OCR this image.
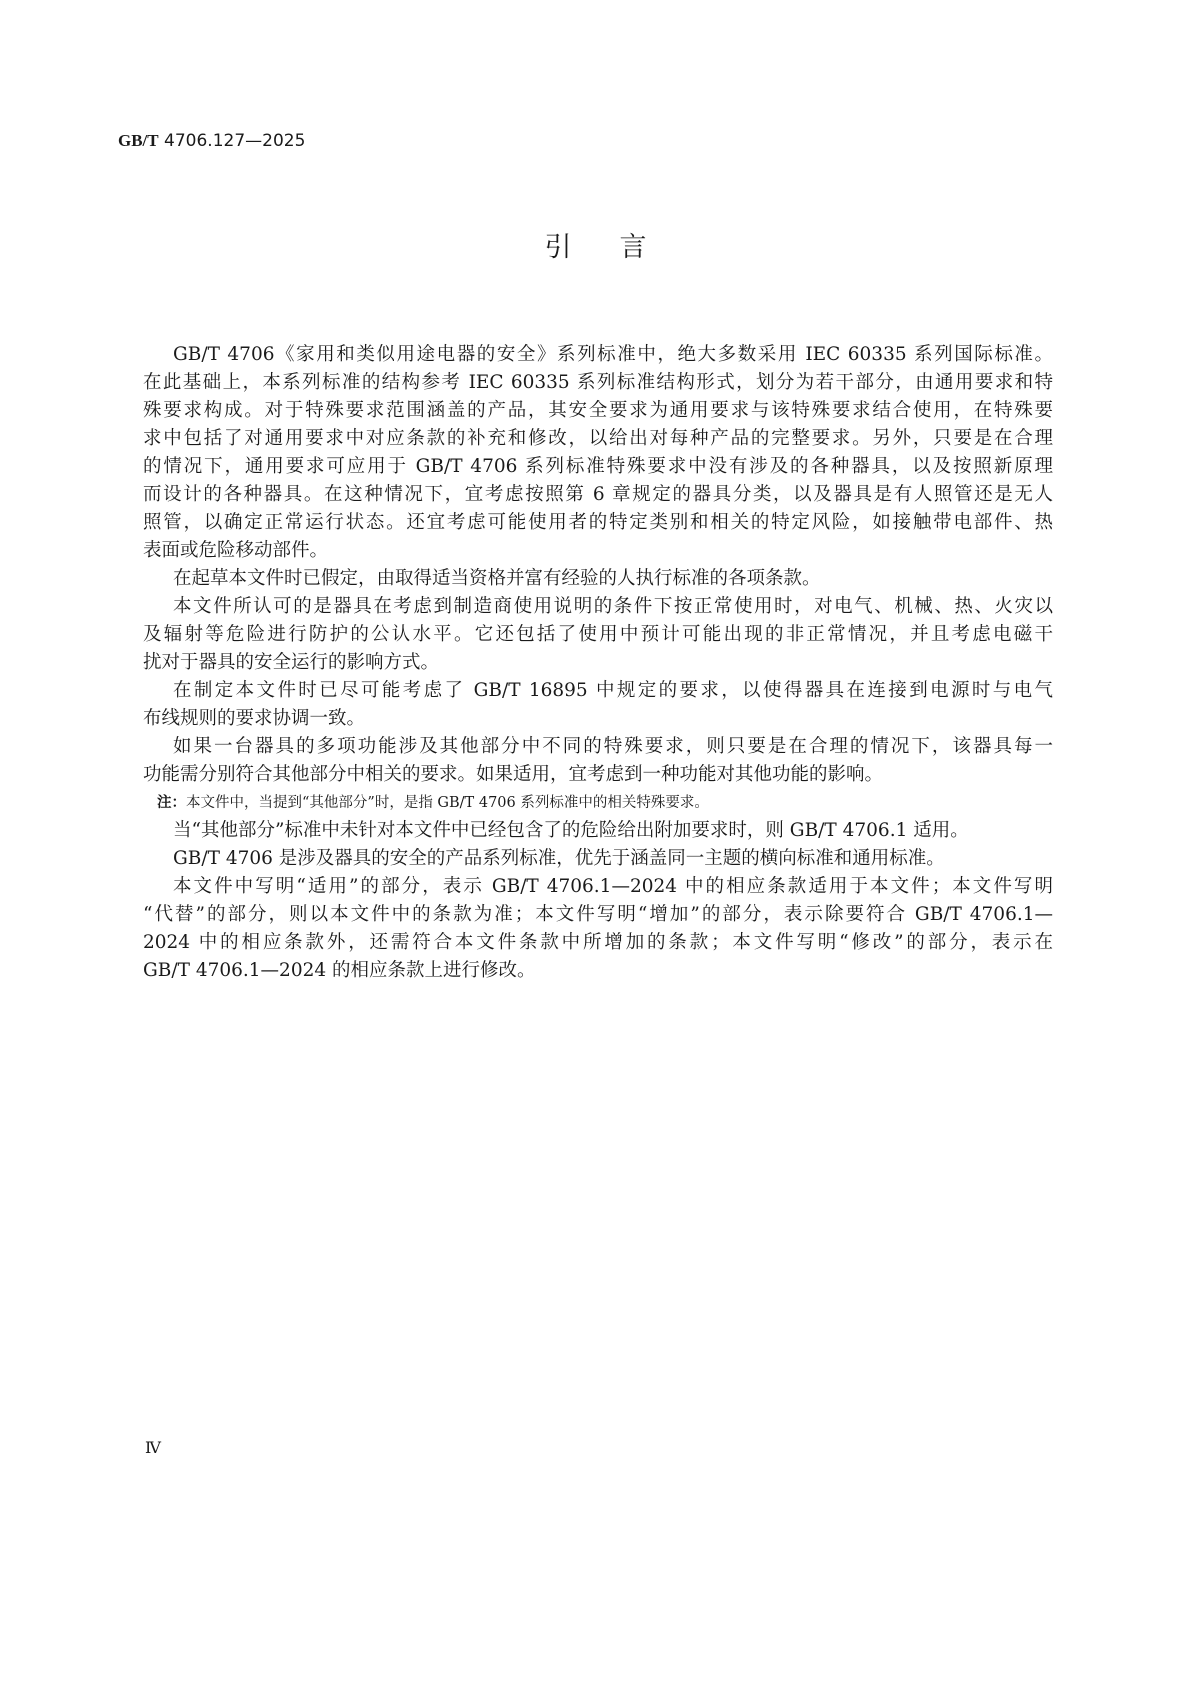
GB/T 4706.127—2025
引言
GB/T 4706《家用和类似用途电器的安全》系列标准中，绝大多数采用 IEC 60335 系列国际标准。
在此基础上，本系列标准的结构参考 IEC 60335 系列标准结构形式，划分为若干部分，由通用要求和特
殊要求构成。对于特殊要求范围涵盖的产品，其安全要求为通用要求与该特殊要求结合使用，在特殊要
求中包括了对通用要求中对应条款的补充和修改，以给出对每种产品的完整要求。另外，只要是在合理
的情况下，通用要求可应用于 GB/T 4706 系列标准特殊要求中没有涉及的各种器具，以及按照新原理
而设计的各种器具。在这种情况下，宜考虑按照第 6 章规定的器具分类，以及器具是有人照管还是无人
照管，以确定正常运行状态。还宜考虑可能使用者的特定类别和相关的特定风险，如接触带电部件、热
表面或危险移动部件。
在起草本文件时已假定，由取得适当资格并富有经验的人执行标准的各项条款。
本文件所认可的是器具在考虑到制造商使用说明的条件下按正常使用时，对电气、机械、热、火灾以
及辐射等危险进行防护的公认水平。它还包括了使用中预计可能出现的非正常情况，并且考虑电磁干
扰对于器具的安全运行的影响方式。
在制定本文件时已尽可能考虑了 GB/T 16895 中规定的要求，以使得器具在连接到电源时与电气
布线规则的要求协调一致。
如果一台器具的多项功能涉及其他部分中不同的特殊要求，则只要是在合理的情况下，该器具每一
功能需分别符合其他部分中相关的要求。如果适用，宜考虑到一种功能对其他功能的影响。
注：本文件中，当提到“其他部分”时，是指 GB/T 4706 系列标准中的相关特殊要求。
当“其他部分”标准中未针对本文件中已经包含了的危险给出附加要求时，则 GB/T 4706.1 适用。
GB/T 4706 是涉及器具的安全的产品系列标准，优先于涵盖同一主题的横向标准和通用标准。
本文件中写明“适用”的部分，表示 GB/T 4706.1—2024 中的相应条款适用于本文件；本文件写明
“代替”的部分，则以本文件中的条款为准；本文件写明“增加”的部分，表示除要符合 GB/T 4706.1—
2024 中的相应条款外，还需符合本文件条款中所增加的条款；本文件写明“修改”的部分，表示在
GB/T 4706.1—2024 的相应条款上进行修改。
Ⅳ
